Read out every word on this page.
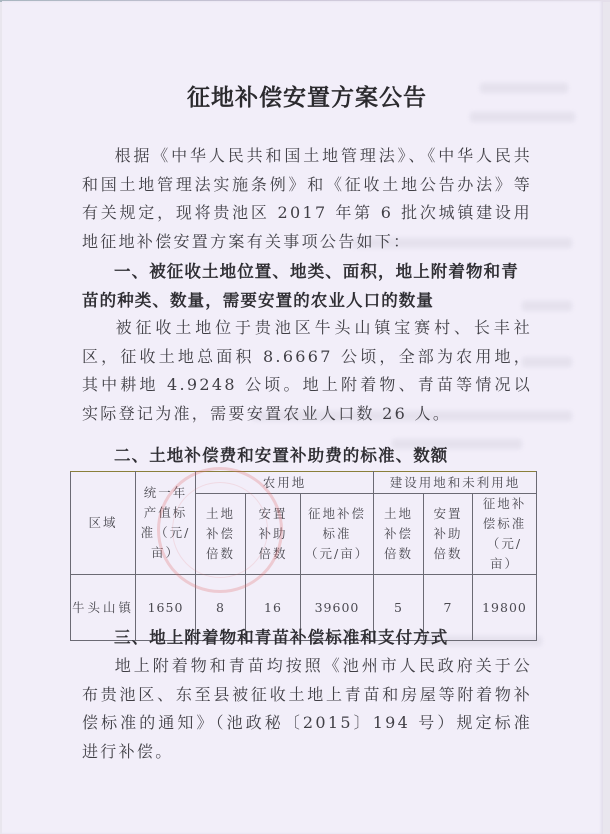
征地补偿安置方案公告
根据《中华人民共和国土地管理法》、《中华人民共和国土地管理法实施条例》和《征收土地公告办法》等有关规定，现将贵池区 2017 年第 6 批次城镇建设用地征地补偿安置方案有关事项公告如下：
一、被征收土地位置、地类、面积，地上附着物和青苗的种类、数量，需要安置的农业人口的数量
被征收土地位于贵池区牛头山镇宝赛村、长丰社区，征收土地总面积 8.6667 公顷，全部为农用地，其中耕地 4.9248 公顷。地上附着物、青苗等情况以实际登记为准，需要安置农业人口数 26 人。
二、土地补偿费和安置补助费的标准、数额
区域	统一年产值标准（元/亩）	农用地			建设用地和未利用地		
		土地补偿倍数	安置补助倍数	征地补偿标准（元/亩）	土地补偿倍数	安置补助倍数	征地补偿标准（元/亩）
牛头山镇	1650	8	16	39600	5	7	19800
三、地上附着物和青苗补偿标准和支付方式
地上附着物和青苗均按照《池州市人民政府关于公布贵池区、东至县被征收土地上青苗和房屋等附着物补偿标准的通知》（池政秘〔2015〕194 号）规定标准进行补偿。
